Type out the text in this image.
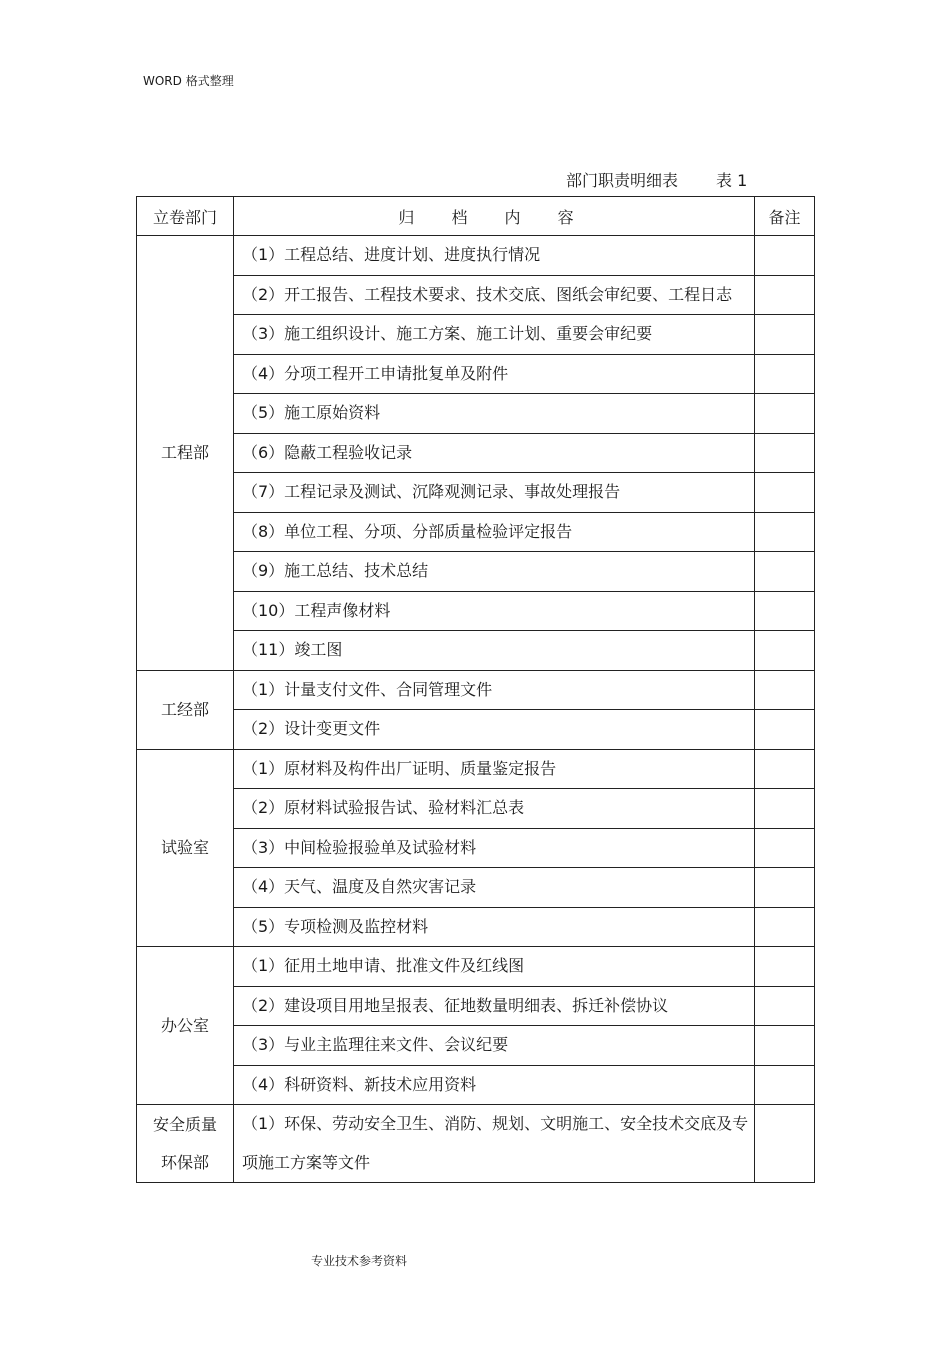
WORD 格式整理
部门职责明细表 表 1
立卷部门	归 档 内 容	备注
工程部	（1）工程总结、进度计划、进度执行情况	
	（2）开工报告、工程技术要求、技术交底、图纸会审纪要、工程日志	
	（3）施工组织设计、施工方案、施工计划、重要会审纪要	
	（4）分项工程开工申请批复单及附件	
	（5）施工原始资料	
	（6）隐蔽工程验收记录	
	（7）工程记录及测试、沉降观测记录、事故处理报告	
	（8）单位工程、分项、分部质量检验评定报告	
	（9）施工总结、技术总结	
	（10）工程声像材料	
	（11）竣工图	
工经部	（1）计量支付文件、合同管理文件	
	（2）设计变更文件	
试验室	（1）原材料及构件出厂证明、质量鉴定报告	
	（2）原材料试验报告试、验材料汇总表	
	（3）中间检验报验单及试验材料	
	（4）天气、温度及自然灾害记录	
	（5）专项检测及监控材料	
办公室	（1）征用土地申请、批准文件及红线图	
	（2）建设项目用地呈报表、征地数量明细表、拆迁补偿协议	
	（3）与业主监理往来文件、会议纪要	
	（4）科研资料、新技术应用资料	
安全质量环保部	（1）环保、劳动安全卫生、消防、规划、文明施工、安全技术交底及专项施工方案等文件	
专业技术参考资料
